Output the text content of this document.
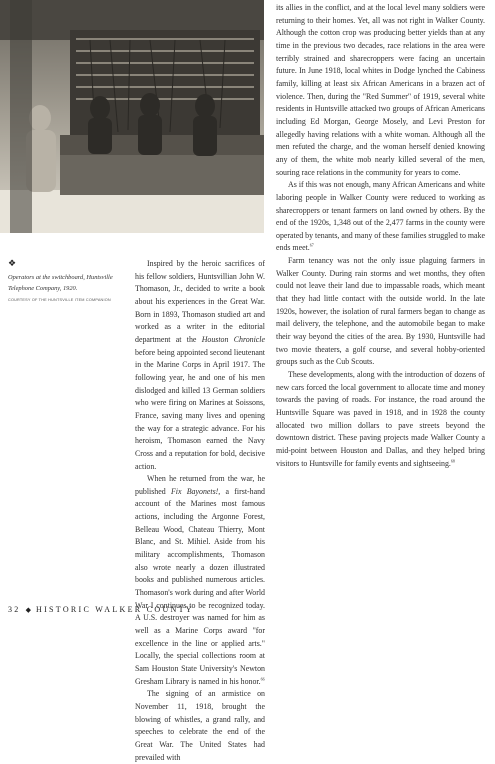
❖

Operators at the switchboard, Huntsville Telephone Company, 1920.

COURTESY OF THE HUNTSVILLE ITEM COMPANION

Inspired by the heroic sacrifices of his fellow soldiers, Huntsvillian John W. Thomason, Jr., decided to write a book about his experiences in the Great War. Born in 1893, Thomason studied art and worked as a writer in the editorial department at the Houston Chronicle before being appointed second lieutenant in the Marine Corps in April 1917. The following year, he and one of his men dislodged and killed 13 German soldiers who were firing on Marines at Soissons, France, saving many lives and opening the way for a strategic advance. For his heroism, Thomason earned the Navy Cross and a reputation for bold, decisive action.

When he returned from the war, he published Fix Bayonets!, a first-hand account of the Marines most famous actions, including the Argonne Forest, Belleau Wood, Chateau Thierry, Mont Blanc, and St. Mihiel. Aside from his military accomplishments, Thomason also wrote nearly a dozen illustrated books and published numerous articles. Thomason's work during and after World War I continues to be recognized today. A U.S. destroyer was named for him as well as a Marine Corps award "for excellence in the line or applied arts." Locally, the special collections room at Sam Houston State University's Newton Gresham Library is named in his honor.$^{66}$

The signing of an armistice on November 11, 1918, brought the blowing of whistles, a grand rally, and speeches to celebrate the end of the Great War. The United States had prevailed with

its allies in the conflict, and at the local level many soldiers were returning to their homes. Yet, all was not right in Walker County. Although the cotton crop was producing better yields than at any time in the previous two decades, race relations in the area were terribly strained and sharecroppers were facing an uncertain future. In June 1918, local whites in Dodge lynched the Cabiness family, killing at least six African Americans in a brazen act of violence. Then, during the "Red Summer" of 1919, several white residents in Huntsville attacked two groups of African Americans including Ed Morgan, George Mosely, and Levi Preston for allegedly having relations with a white woman. Although all the men refuted the charge, and the woman herself denied knowing any of them, the white mob nearly killed several of the men, souring race relations in the community for years to come.

As if this was not enough, many African Americans and white laboring people in Walker County were reduced to working as sharecroppers or tenant farmers on land owned by others. By the end of the 1920s, 1,348 out of the 2,477 farms in the county were operated by tenants, and many of these families struggled to make ends meet.$^{67}$

Farm tenancy was not the only issue plaguing farmers in Walker County. During rain storms and wet months, they often could not leave their land due to impassable roads, which meant that they had little contact with the outside world. In the late 1920s, however, the isolation of rural farmers began to change as mail delivery, the telephone, and the automobile began to make their way beyond the cities of the area. By 1930, Huntsville had two movie theaters, a golf course, and several hobby-oriented groups such as the Cub Scouts.

These developments, along with the introduction of dozens of new cars forced the local government to allocate time and money towards the paving of roads. For instance, the road around the Huntsville Square was paved in 1918, and in 1928 the county allocated two million dollars to pave streets beyond the downtown district. These paving projects made Walker County a mid-point between Houston and Dallas, and they helped bring visitors to Huntsville for family events and sightseeing.$^{68}$

32 ◆ HISTORIC WALKER COUNTY
